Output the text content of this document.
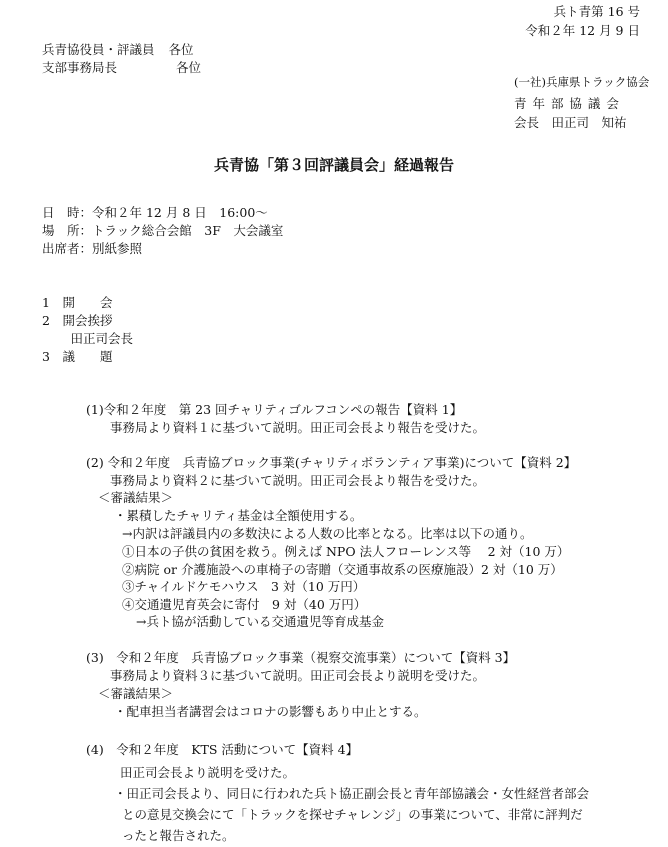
兵ト青第 16 号
令和２年 12 月 9 日
兵青協役員・評議員 各位
支部事務局長	各位
(一社)兵庫県トラック協会
青 年 部 協 議 会
会長　田正司　知祐
兵青協「第３回評議員会」経過報告
日　時：令和２年 12 月 8 日　16:00～
場　所：トラック総合会館　3F　大会議室
出席者：別紙参照
1　開　　会
2　開会挨拶
　田正司会長
3　議　　題
(1)令和２年度　第 23 回チャリティゴルフコンペの報告【資料 1】
事務局より資料１に基づいて説明。田正司会長より報告を受けた。
(2) 令和２年度　兵青協ブロック事業(チャリティボランティア事業)について【資料 2】
事務局より資料２に基づいて説明。田正司会長より報告を受けた。
＜審議結果＞
・累積したチャリティ基金は全額使用する。
→内訳は評議員内の多数決による人数の比率となる。比率は以下の通り。
①日本の子供の貧困を救う。例えば NPO 法人フローレンス等　 2 対（10 万）
②病院 or 介護施設への車椅子の寄贈（交通事故系の医療施設）2 対（10 万）
③チャイルドケモハウス　3 対（10 万円）
④交通遺児育英会に寄付　9 対（40 万円）
→兵ト協が活動している交通遺児等育成基金
(3)　令和２年度　兵青協ブロック事業（視察交流事業）について【資料 3】
事務局より資料３に基づいて説明。田正司会長より説明を受けた。
＜審議結果＞
・配車担当者講習会はコロナの影響もあり中止とする。
(4)　令和２年度　KTS 活動について【資料 4】
田正司会長より説明を受けた。
・田正司会長より、同日に行われた兵ト協正副会長と青年部協議会・女性経営者部会
との意見交換会にて「トラックを探せチャレンジ」の事業について、非常に評判だ
ったと報告された。
